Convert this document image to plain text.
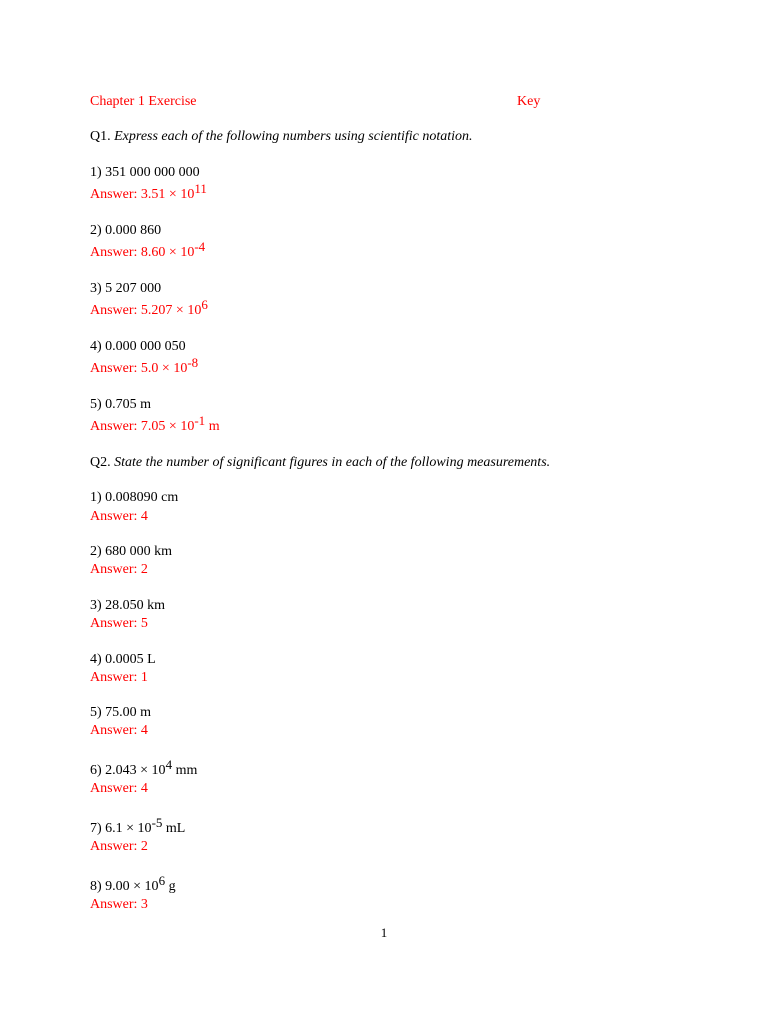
Chapter 1 Exercise	Key
Q1. Express each of the following numbers using scientific notation.
1) 351 000 000 000
Answer: $3.51 \times 10^{11}$
2) 0.000 860
Answer: $8.60 \times 10^{-4}$
3) 5 207 000
Answer: $5.207 \times 10^6$
4) 0.000 000 050
Answer: $5.0 \times 10^{-8}$
5) 0.705 m
Answer: $7.05 \times 10^{-1}$ m
Q2. State the number of significant figures in each of the following measurements.
1) 0.008090 cm
Answer: 4
2) 680 000 km
Answer: 2
3) 28.050 km
Answer: 5
4) 0.0005 L
Answer: 1
5) 75.00 m
Answer: 4
6) $2.043 \times 10^4$ mm
Answer: 4
7) $6.1 \times 10^{-5}$ mL
Answer: 2
8) $9.00 \times 10^6$ g
Answer: 3
1
